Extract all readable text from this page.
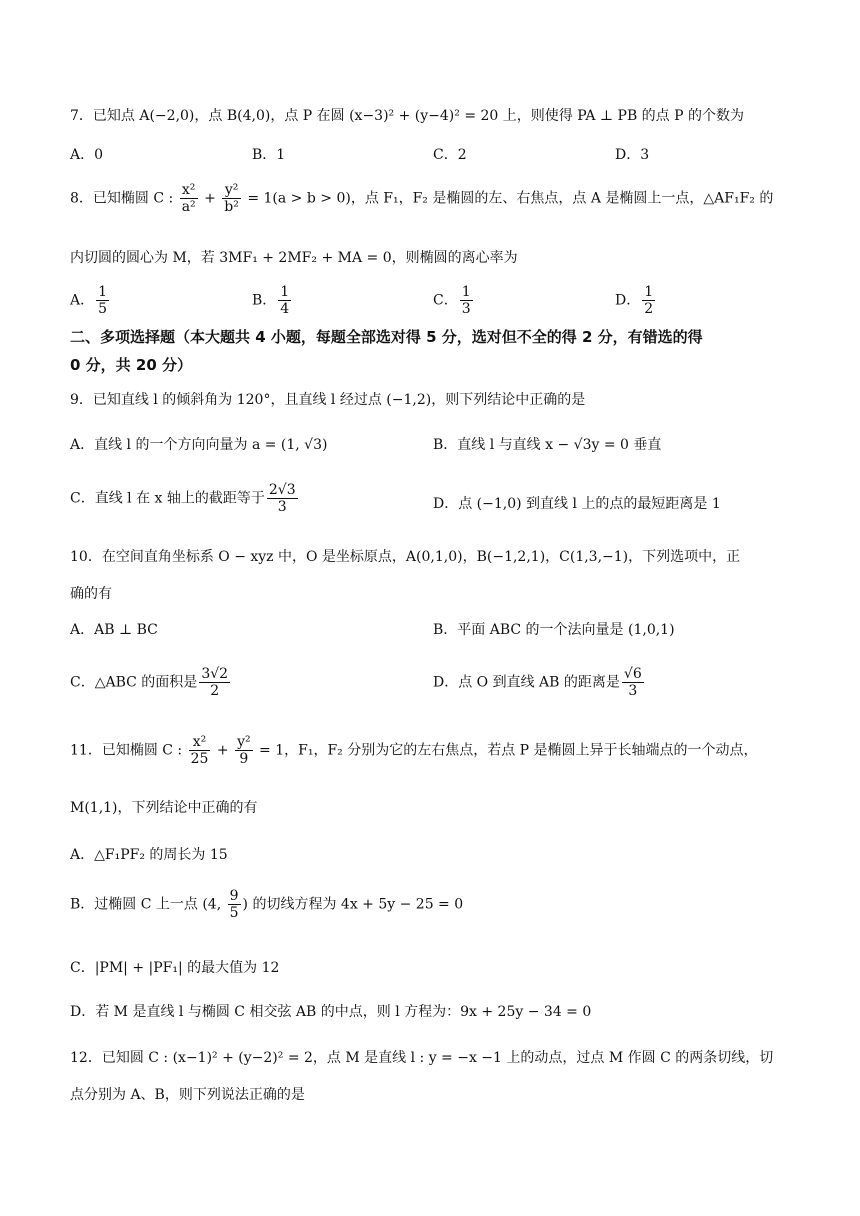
7．已知点 A(−2,0)，点 B(4,0)，点 P 在圆 (x−3)² + (y−4)² = 20 上，则使得 PA ⊥ PB 的点 P 的个数为
A．0	B．1	C．2	D．3
8．已知椭圆 C : $\frac{\text{x²}}{\text{a²}} + \frac{\text{y²}}{\text{b²}} = 1(a > b > 0)$，点 F₁，F₂ 是椭圆的左、右焦点，点 A 是椭圆上一点，△AF₁F₂ 的
内切圆的圆心为 M，若 3MF₁ + 2MF₂ + MA = 0，则椭圆的离心率为
A． $\frac{1}{5}$	B． $\frac{1}{4}$	C． $\frac{1}{3}$	D． $\frac{1}{2}$
二、多项选择题（本大题共 4 小题，每题全部选对得 5 分，选对但不全的得 2 分，有错选的得
0 分，共 20 分）
9．已知直线 l 的倾斜角为 120°，且直线 l 经过点 (−1,2)，则下列结论中正确的是
A．直线 l 的一个方向向量为 a = (1, √3)	B．直线 l 与直线 x − √3y = 0 垂直
C．直线 l 在 x 轴上的截距等于 $\frac{2√3}{3}$	D．点 (−1,0) 到直线 l 上的点的最短距离是 1
10．在空间直角坐标系 O − xyz 中，O 是坐标原点，A(0,1,0)，B(−1,2,1)，C(1,3,−1)，下列选项中，正
确的有
A．AB ⊥ BC	B．平面 ABC 的一个法向量是 (1,0,1)
C．△ABC 的面积是 $\frac{3√2}{2}$	D．点 O 到直线 AB 的距离是 $\frac{√6}{3}$
11．已知椭圆 C : $\frac{\text{x²}}{25} + \frac{\text{y²}}{9} = 1$，F₁，F₂ 分别为它的左右焦点，若点 P 是椭圆上异于长轴端点的一个动点，
M(1,1)，下列结论中正确的有
A．△F₁PF₂ 的周长为 15
B．过椭圆 C 上一点 (4, $\frac{9}{5}$ ) 的切线方程为 4x + 5y − 25 = 0
C．|PM| + |PF₁| 的最大值为 12
D．若 M 是直线 l 与椭圆 C 相交弦 AB 的中点，则 l 方程为：9x + 25y − 34 = 0
12．已知圆 C : (x−1)² + (y−2)² = 2，点 M 是直线 l : y = −x −1 上的动点，过点 M 作圆 C 的两条切线，切
点分别为 A、B，则下列说法正确的是
